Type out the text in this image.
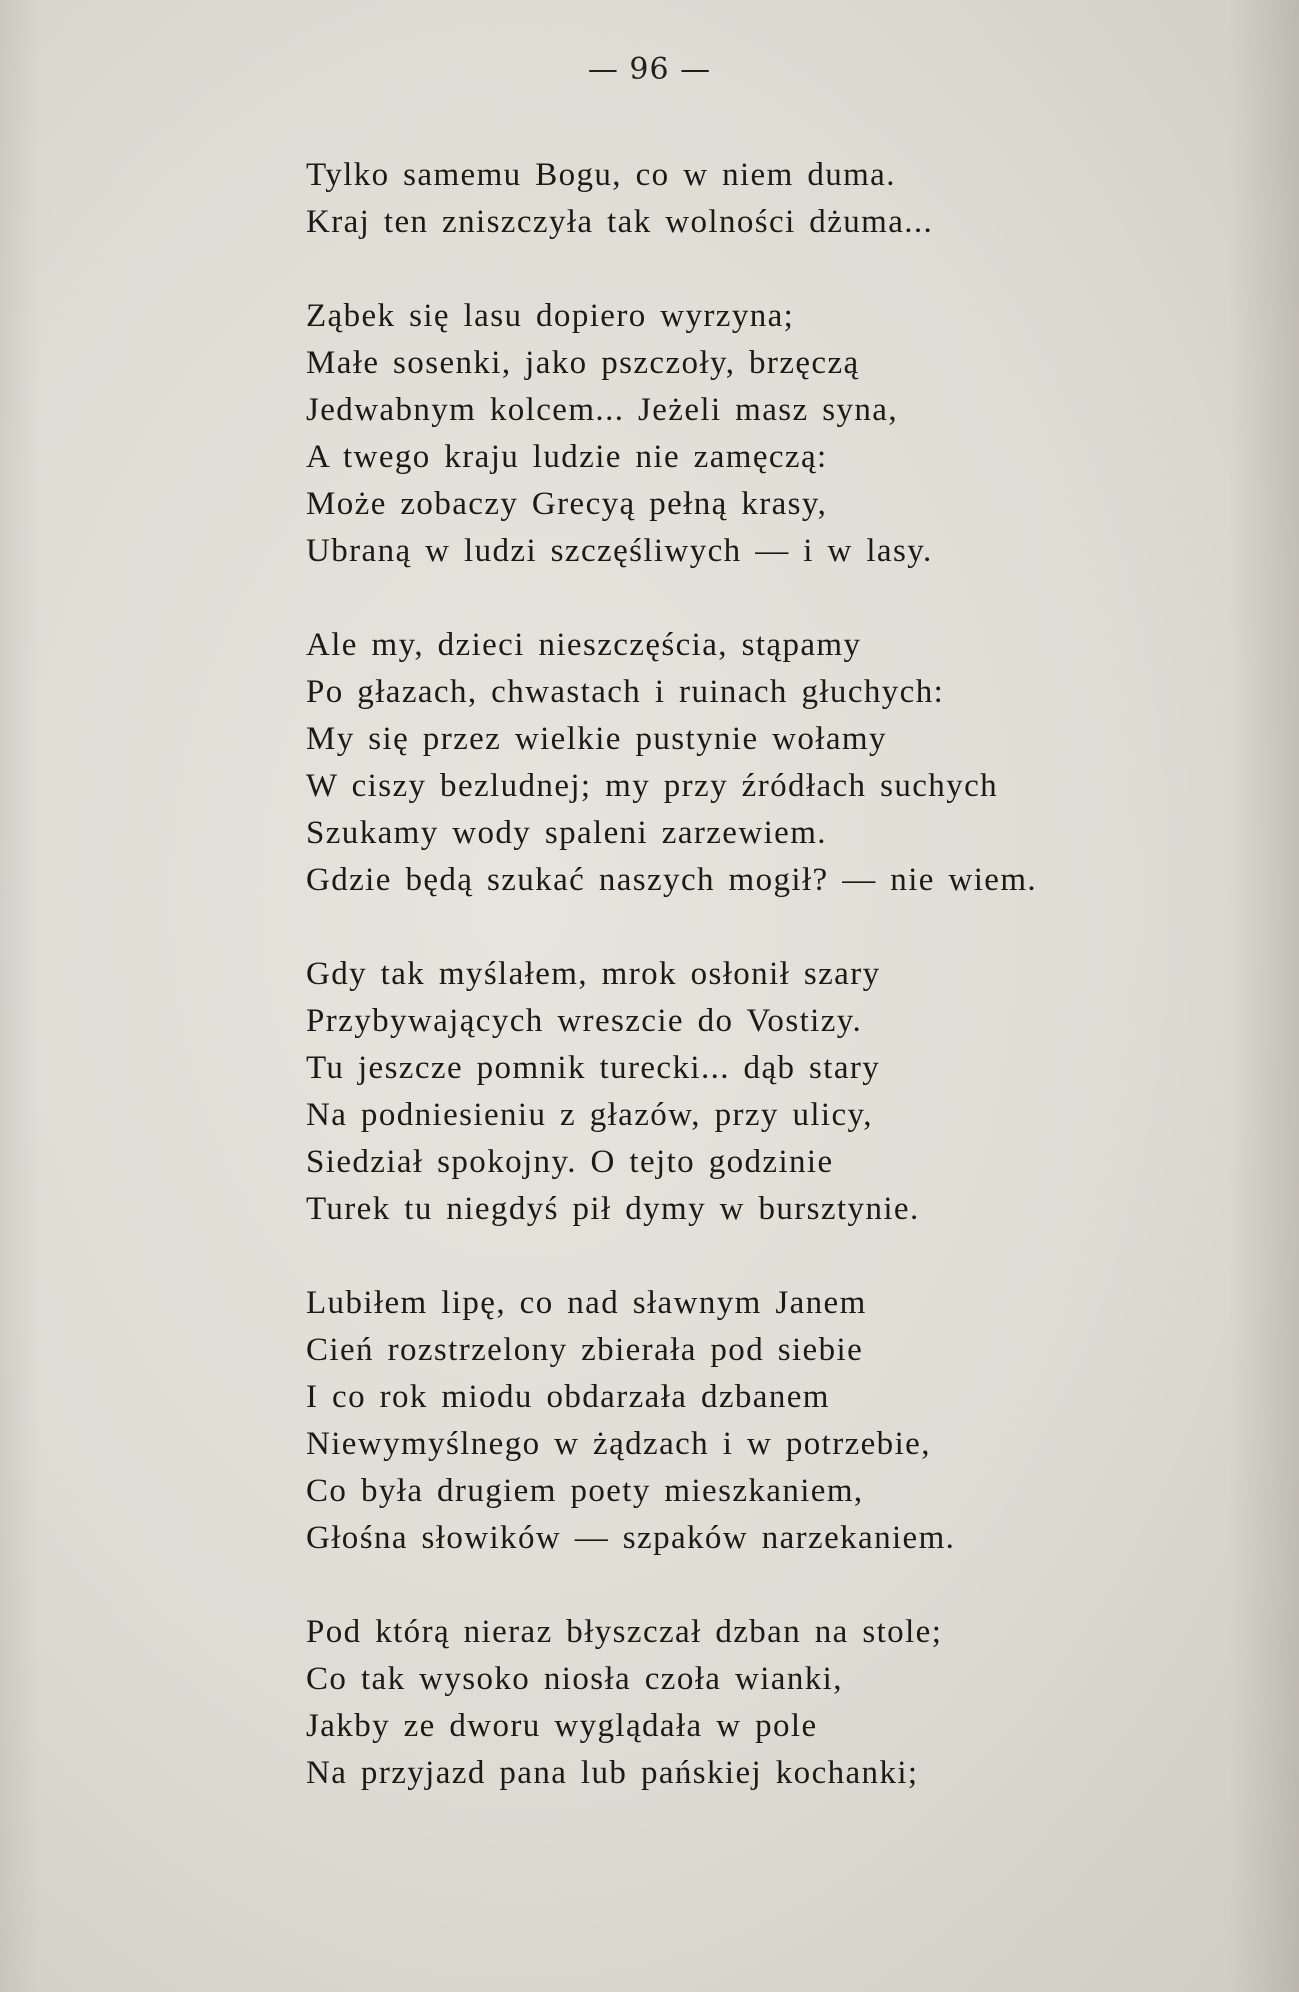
— 96 —
Tylko samemu Bogu, co w niem duma.
Kraj ten zniszczyła tak wolności dżuma...
Ząbek się lasu dopiero wyrzyna;
Małe sosenki, jako pszczoły, brzęczą
Jedwabnym kolcem... Jeżeli masz syna,
A twego kraju ludzie nie zamęczą:
Może zobaczy Grecyą pełną krasy,
Ubraną w ludzi szczęśliwych — i w lasy.
Ale my, dzieci nieszczęścia, stąpamy
Po głazach, chwastach i ruinach głuchych:
My się przez wielkie pustynie wołamy
W ciszy bezludnej; my przy źródłach suchych
Szukamy wody spaleni zarzewiem.
Gdzie będą szukać naszych mogił? — nie wiem.
Gdy tak myślałem, mrok osłonił szary
Przybywających wreszcie do Vostizy.
Tu jeszcze pomnik turecki... dąb stary
Na podniesieniu z głazów, przy ulicy,
Siedział spokojny. O tejto godzinie
Turek tu niegdyś pił dymy w bursztynie.
Lubiłem lipę, co nad sławnym Janem
Cień rozstrzelony zbierała pod siebie
I co rok miodu obdarzała dzbanem
Niewymyślnego w żądzach i w potrzebie,
Co była drugiem poety mieszkaniem,
Głośna słowików — szpaków narzekaniem.
Pod którą nieraz błyszczał dzban na stole;
Co tak wysoko niosła czoła wianki,
Jakby ze dworu wyglądała w pole
Na przyjazd pana lub pańskiej kochanki;
